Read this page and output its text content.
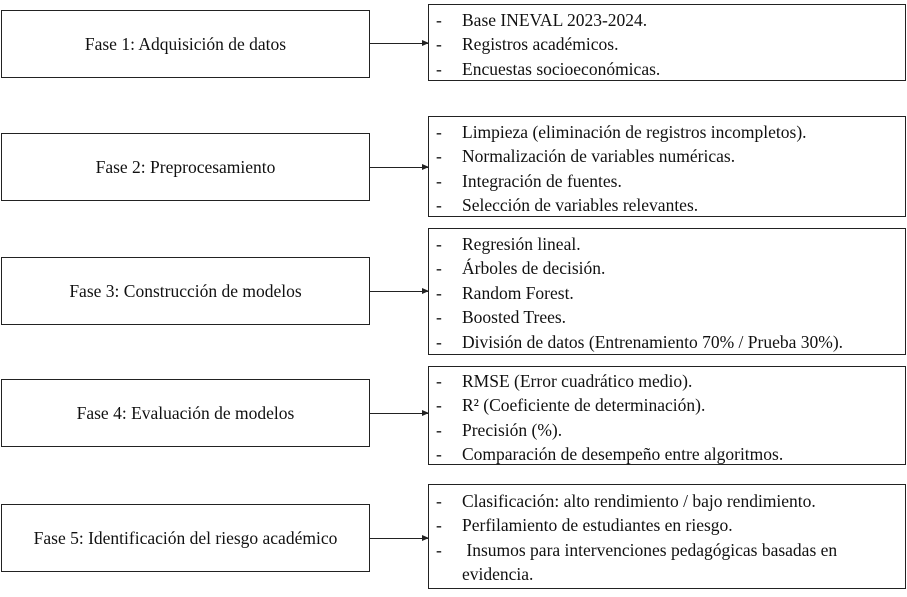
Fase 1: Adquisición de datos
- Base INEVAL 2023-2024.
- Registros académicos.
- Encuestas socioeconómicas.
Fase 2: Preprocesamiento
- Limpieza (eliminación de registros incompletos).
- Normalización de variables numéricas.
- Integración de fuentes.
- Selección de variables relevantes.
Fase 3: Construcción de modelos
- Regresión lineal.
- Árboles de decisión.
- Random Forest.
- Boosted Trees.
- División de datos (Entrenamiento 70% / Prueba 30%).
Fase 4: Evaluación de modelos
- RMSE (Error cuadrático medio).
- R² (Coeficiente de determinación).
- Precisión (%).
- Comparación de desempeño entre algoritmos.
Fase 5: Identificación del riesgo académico
- Clasificación: alto rendimiento / bajo rendimiento.
- Perfilamiento de estudiantes en riesgo.
-  Insumos para intervenciones pedagógicas basadas en evidencia.
